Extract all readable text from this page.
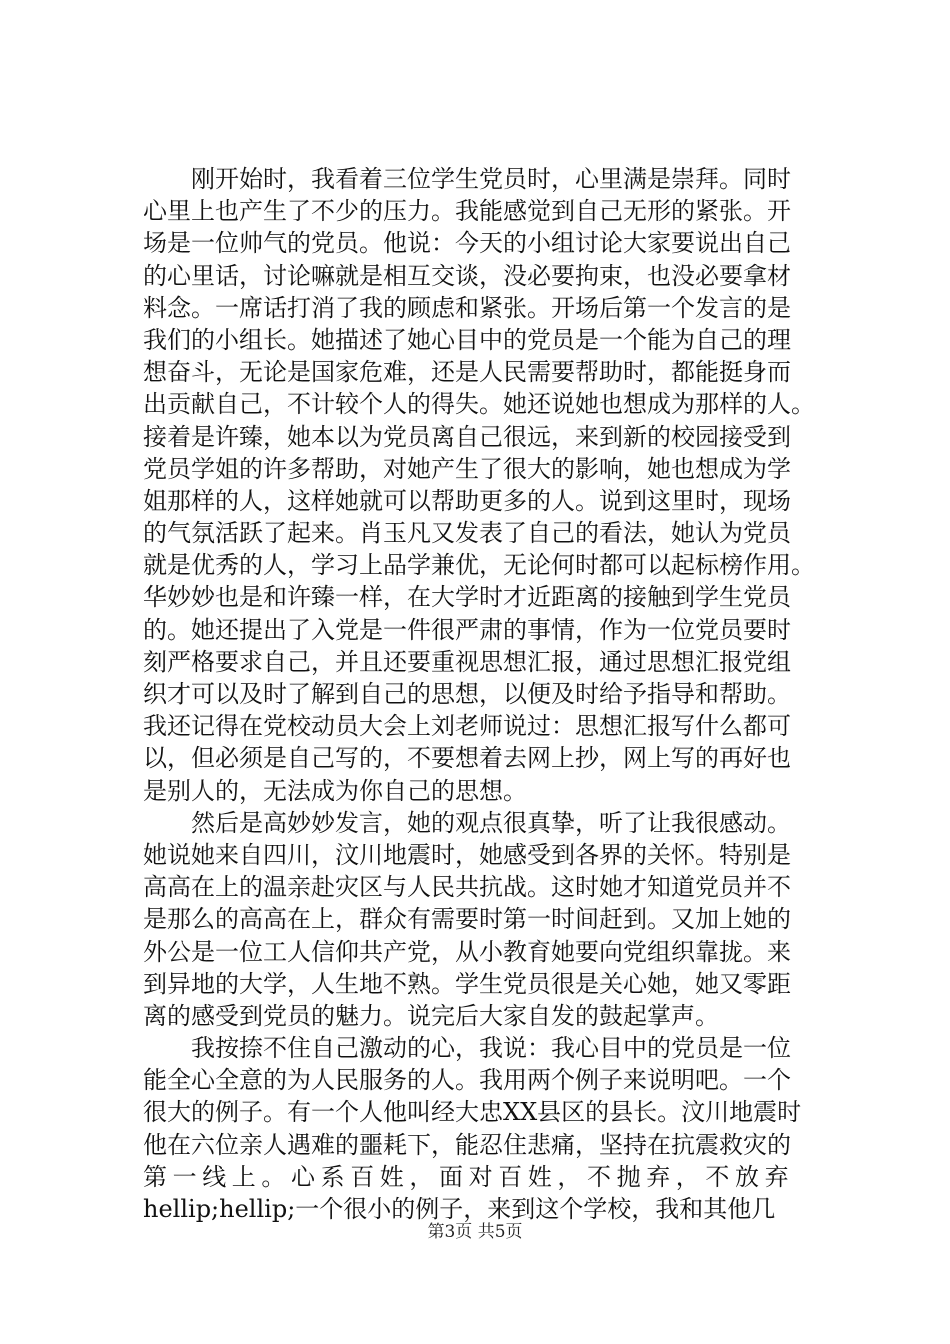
刚开始时，我看着三位学生党员时，心里满是崇拜。同时
心里上也产生了不少的压力。我能感觉到自己无形的紧张。开
场是一位帅气的党员。他说：今天的小组讨论大家要说出自己
的心里话，讨论嘛就是相互交谈，没必要拘束，也没必要拿材
料念。一席话打消了我的顾虑和紧张。开场后第一个发言的是
我们的小组长。她描述了她心目中的党员是一个能为自己的理
想奋斗，无论是国家危难，还是人民需要帮助时，都能挺身而
出贡献自己，不计较个人的得失。她还说她也想成为那样的人。
接着是许臻，她本以为党员离自己很远，来到新的校园接受到
党员学姐的许多帮助，对她产生了很大的影响，她也想成为学
姐那样的人，这样她就可以帮助更多的人。说到这里时，现场
的气氛活跃了起来。肖玉凡又发表了自己的看法，她认为党员
就是优秀的人，学习上品学兼优，无论何时都可以起标榜作用。
华妙妙也是和许臻一样，在大学时才近距离的接触到学生党员
的。她还提出了入党是一件很严肃的事情，作为一位党员要时
刻严格要求自己，并且还要重视思想汇报，通过思想汇报党组
织才可以及时了解到自己的思想，以便及时给予指导和帮助。
我还记得在党校动员大会上刘老师说过：思想汇报写什么都可
以，但必须是自己写的，不要想着去网上抄，网上写的再好也
是别人的，无法成为你自己的思想。
然后是高妙妙发言，她的观点很真挚，听了让我很感动。
她说她来自四川，汶川地震时，她感受到各界的关怀。特别是
高高在上的温亲赴灾区与人民共抗战。这时她才知道党员并不
是那么的高高在上，群众有需要时第一时间赶到。又加上她的
外公是一位工人信仰共产党，从小教育她要向党组织靠拢。来
到异地的大学，人生地不熟。学生党员很是关心她，她又零距
离的感受到党员的魅力。说完后大家自发的鼓起掌声。
我按捺不住自己激动的心，我说：我心目中的党员是一位
能全心全意的为人民服务的人。我用两个例子来说明吧。一个
很大的例子。有一个人他叫经大忠XX县区的县长。汶川地震时
他在六位亲人遇难的噩耗下，能忍住悲痛，坚持在抗震救灾的
第一线上。心系百姓，面对百姓，不抛弃，不放弃
hellip;hellip;一个很小的例子，来到这个学校，我和其他几
第3页 共5页
